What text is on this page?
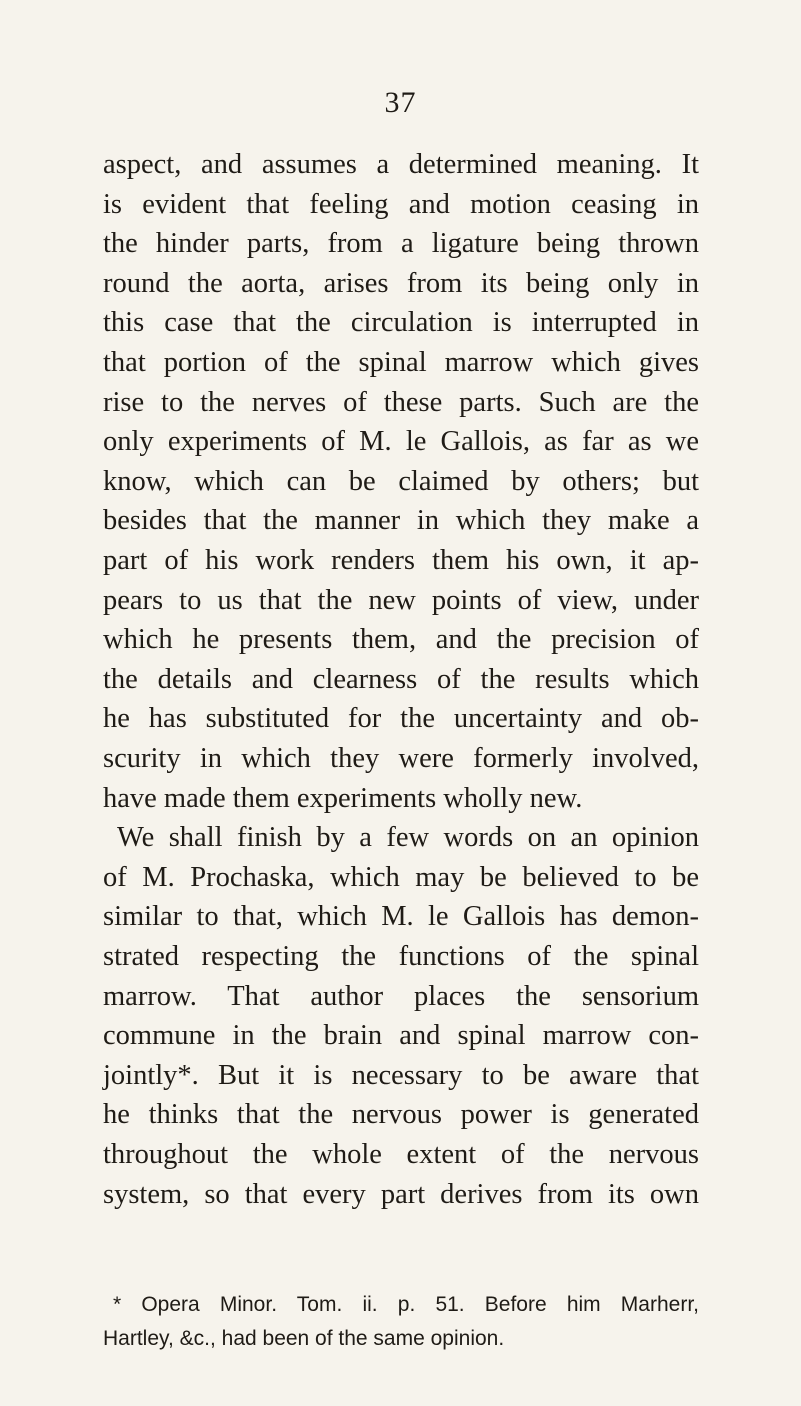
37
aspect, and assumes a determined meaning. It
is evident that feeling and motion ceasing in
the hinder parts, from a ligature being thrown
round the aorta, arises from its being only in
this case that the circulation is interrupted in
that portion of the spinal marrow which gives
rise to the nerves of these parts. Such are the
only experiments of M. le Gallois, as far as we
know, which can be claimed by others; but
besides that the manner in which they make a
part of his work renders them his own, it ap-
pears to us that the new points of view, under
which he presents them, and the precision of
the details and clearness of the results which
he has substituted for the uncertainty and ob-
scurity in which they were formerly involved,
have made them experiments wholly new.
We shall finish by a few words on an opinion
of M. Prochaska, which may be believed to be
similar to that, which M. le Gallois has demon-
strated respecting the functions of the spinal
marrow. That author places the sensorium
commune in the brain and spinal marrow con-
jointly*. But it is necessary to be aware that
he thinks that the nervous power is generated
throughout the whole extent of the nervous
system, so that every part derives from its own
* Opera Minor. Tom. ii. p. 51. Before him Marherr,
Hartley, &c., had been of the same opinion.
